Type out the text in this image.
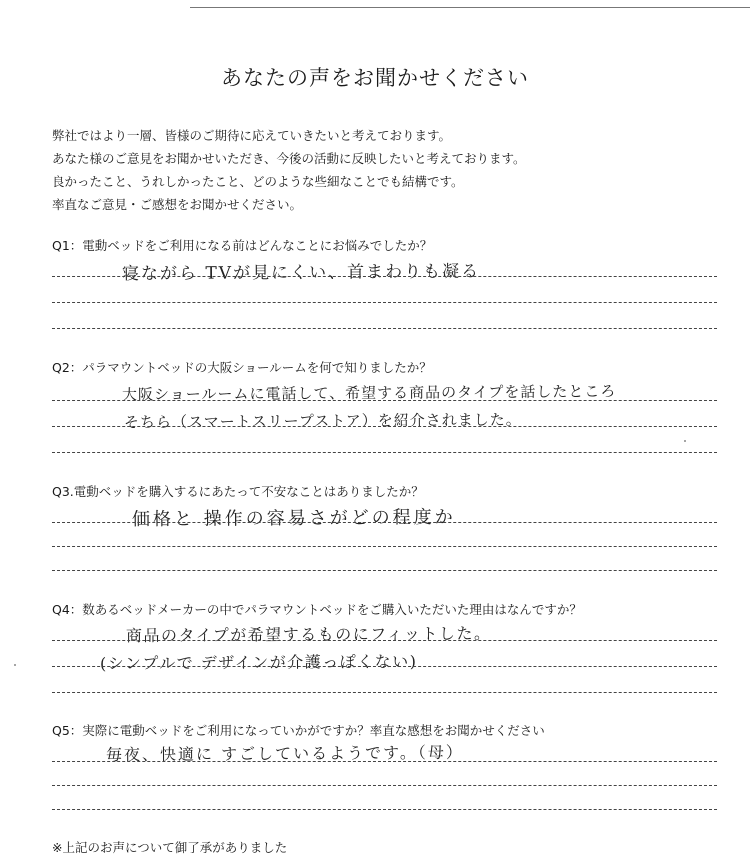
あなたの声をお聞かせください
弊社ではより一層、皆様のご期待に応えていきたいと考えております。
あなた様のご意見をお聞かせいただき、今後の活動に反映したいと考えております。
良かったこと、うれしかったこと、どのような些細なことでも結構です。
率直なご意見・ご感想をお聞かせください。
Q1：電動ベッドをご利用になる前はどんなことにお悩みでしたか？
寝ながら TVが見にくい、首まわりも凝る
Q2：パラマウントベッドの大阪ショールームを何で知りましたか？
大阪ショールームに電話して、希望する商品のタイプを話したところ
そちら（スマートスリープストア）を紹介されました。
Q3.電動ベッドを購入するにあたって不安なことはありましたか？
価格と 操作の容易さがどの程度か
Q4：数あるベッドメーカーの中でパラマウントベッドをご購入いただいた理由はなんですか？
商品のタイプが希望するものにフィットした。
(シンプルで デザインが介護っぽくない)
Q5：実際に電動ベッドをご利用になっていかがですか？率直な感想をお聞かせください
毎夜、快適に すごしているようです。（母）
※上記のお声について御了承がありました
